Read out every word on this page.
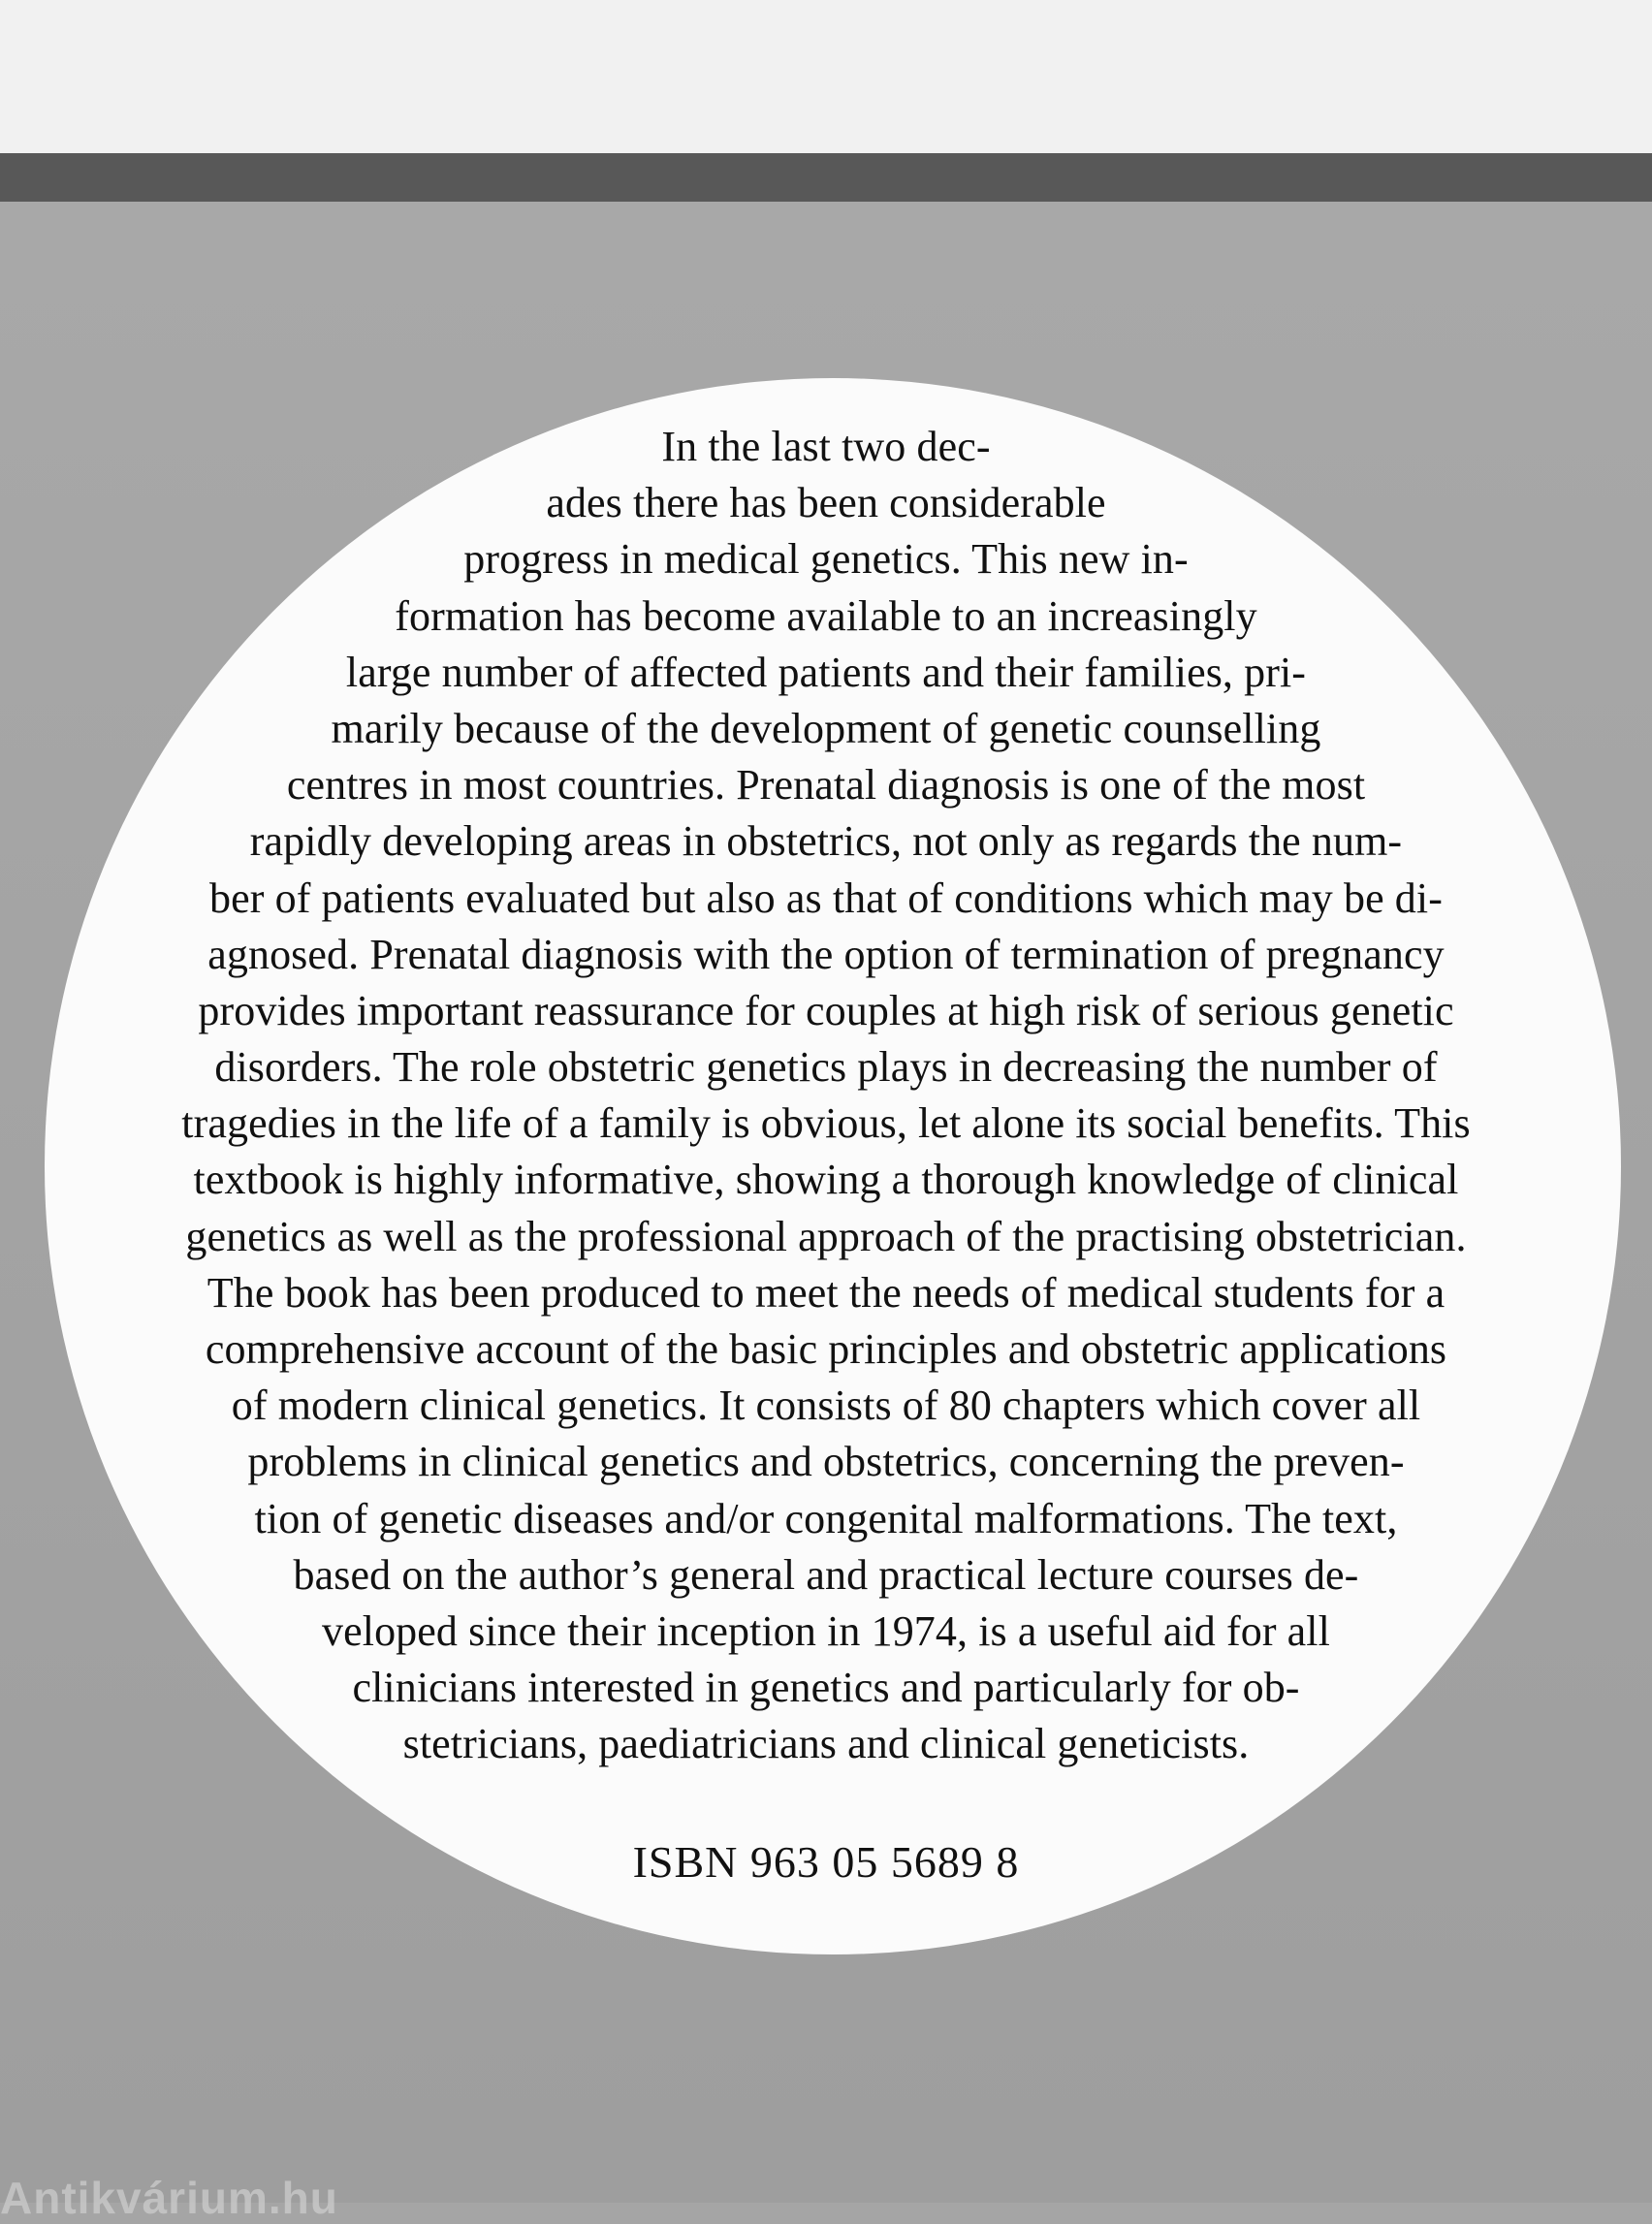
In the last two dec-
ades there has been considerable
progress in medical genetics. This new in-
formation has become available to an increasingly
large number of affected patients and their families, pri-
marily because of the development of genetic counselling
centres in most countries. Prenatal diagnosis is one of the most
rapidly developing areas in obstetrics, not only as regards the num-
ber of patients evaluated but also as that of conditions which may be di-
agnosed. Prenatal diagnosis with the option of termination of pregnancy
provides important reassurance for couples at high risk of serious genetic
disorders. The role obstetric genetics plays in decreasing the number of
tragedies in the life of a family is obvious, let alone its social benefits. This
textbook is highly informative, showing a thorough knowledge of clinical
genetics as well as the professional approach of the practising obstetrician.
The book has been produced to meet the needs of medical students for a
comprehensive account of the basic principles and obstetric applications
of modern clinical genetics. It consists of 80 chapters which cover all
problems in clinical genetics and obstetrics, concerning the preven-
tion of genetic diseases and/or congenital malformations. The text,
based on the author’s general and practical lecture courses de-
veloped since their inception in 1974, is a useful aid for all
clinicians interested in genetics and particularly for ob-
stetricians, paediatricians and clinical geneticists.
ISBN 963 05 5689 8
Antikvárium.hu
